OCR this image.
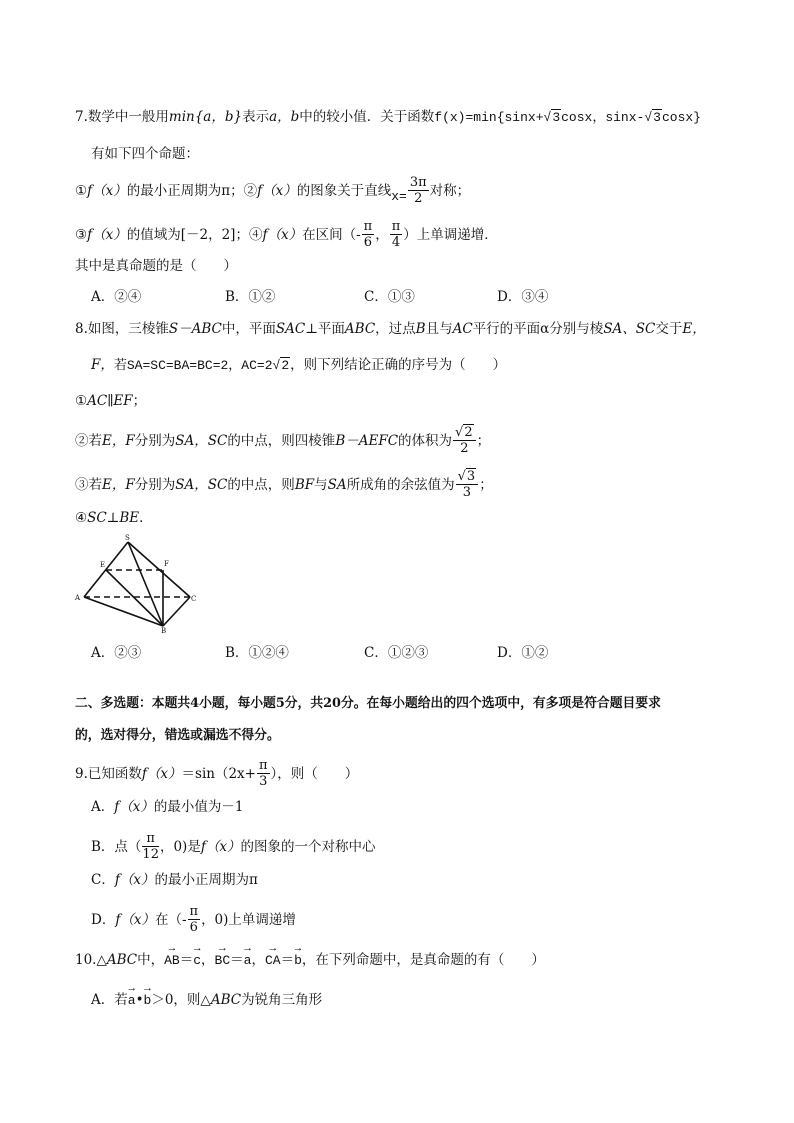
7.数学中一般用min{a，b}表示a，b中的较小值．关于函数f(x)=min{sinx+√3cosx，sinx-√3cosx}
有如下四个命题：
①f（x）的最小正周期为π；②f（x）的图象关于直线$x= \frac{3\pi}{2}$ 对称；
③f（x）的值域为[－2，2]；④f（x）在区间（- $\frac{\pi}{6}$ ， $\frac{\pi}{4}$ ）上单调递增．
其中是真命题的是（　　）
A．②④	B．①②	C．①③	D．③④
8.如图，三棱锥S－ABC中，平面SAC⊥平面ABC，过点B且与AC平行的平面α分别与棱SA、SC交于E，
F，若SA=SC=BA=BC=2，AC=2√2，则下列结论正确的序号为（　　）
①AC∥EF；
②若E，F分别为SA，SC的中点，则四棱锥B－AEFC的体积为 $\frac{√2}{2}$ ；
③若E，F分别为SA，SC的中点，则BF与SA所成角的余弦值为 $\frac{√3}{3}$ ；
④SC⊥BE．
S
E	F
A	C
B
A．②③	B．①②④	C．①②③	D．①②
二、多选题：本题共4小题，每小题5分，共20分。在每小题给出的四个选项中，有多项是符合题目要求
的，选对得分，错选或漏选不得分。
9.已知函数$f(x)=\sin(2x+ \frac{\pi}{3}$ ），则（　　）
A．f（x）的最小值为－1
B．点（ $\frac{\pi}{12}$ ，0)是f（x）的图象的一个对称中心
C．f（x）的最小正周期为π
D．f（x）在（- $\frac{\pi}{6}$ ，0)上单调递增
10.△ABC中，→ AB＝→ c，→ BC＝→ a，→ CA＝→ b，在下列命题中，是真命题的有（　　）
A．若→ a•→ b＞0，则△ABC为锐角三角形
